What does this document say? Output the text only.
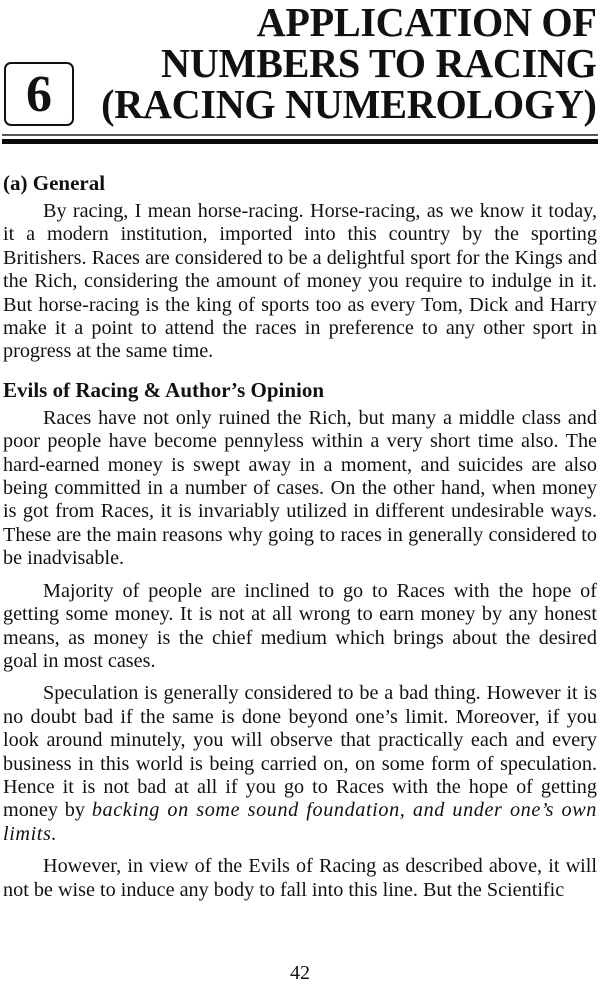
6
APPLICATION OF
NUMBERS TO RACING
(RACING NUMEROLOGY)
(a) General

By racing, I mean horse-racing. Horse-racing, as we know it today, it a modern institution, imported into this country by the sporting Britishers. Races are considered to be a delightful sport for the Kings and the Rich, considering the amount of money you require to indulge in it. But horse-racing is the king of sports too as every Tom, Dick and Harry make it a point to attend the races in preference to any other sport in progress at the same time.

Evils of Racing & Author’s Opinion

Races have not only ruined the Rich, but many a middle class and poor people have become pennyless within a very short time also. The hard-earned money is swept away in a moment, and suicides are also being committed in a number of cases. On the other hand, when money is got from Races, it is invariably utilized in different undesirable ways. These are the main reasons why going to races in generally considered to be inadvisable.

Majority of people are inclined to go to Races with the hope of getting some money. It is not at all wrong to earn money by any honest means, as money is the chief medium which brings about the desired goal in most cases.

Speculation is generally considered to be a bad thing. However it is no doubt bad if the same is done beyond one’s limit. Moreover, if you look around minutely, you will observe that practically each and every business in this world is being carried on, on some form of speculation. Hence it is not bad at all if you go to Races with the hope of getting money by backing on some sound foundation, and under one’s own limits.

However, in view of the Evils of Racing as described above, it will not be wise to induce any body to fall into this line. But the Scientific

42
